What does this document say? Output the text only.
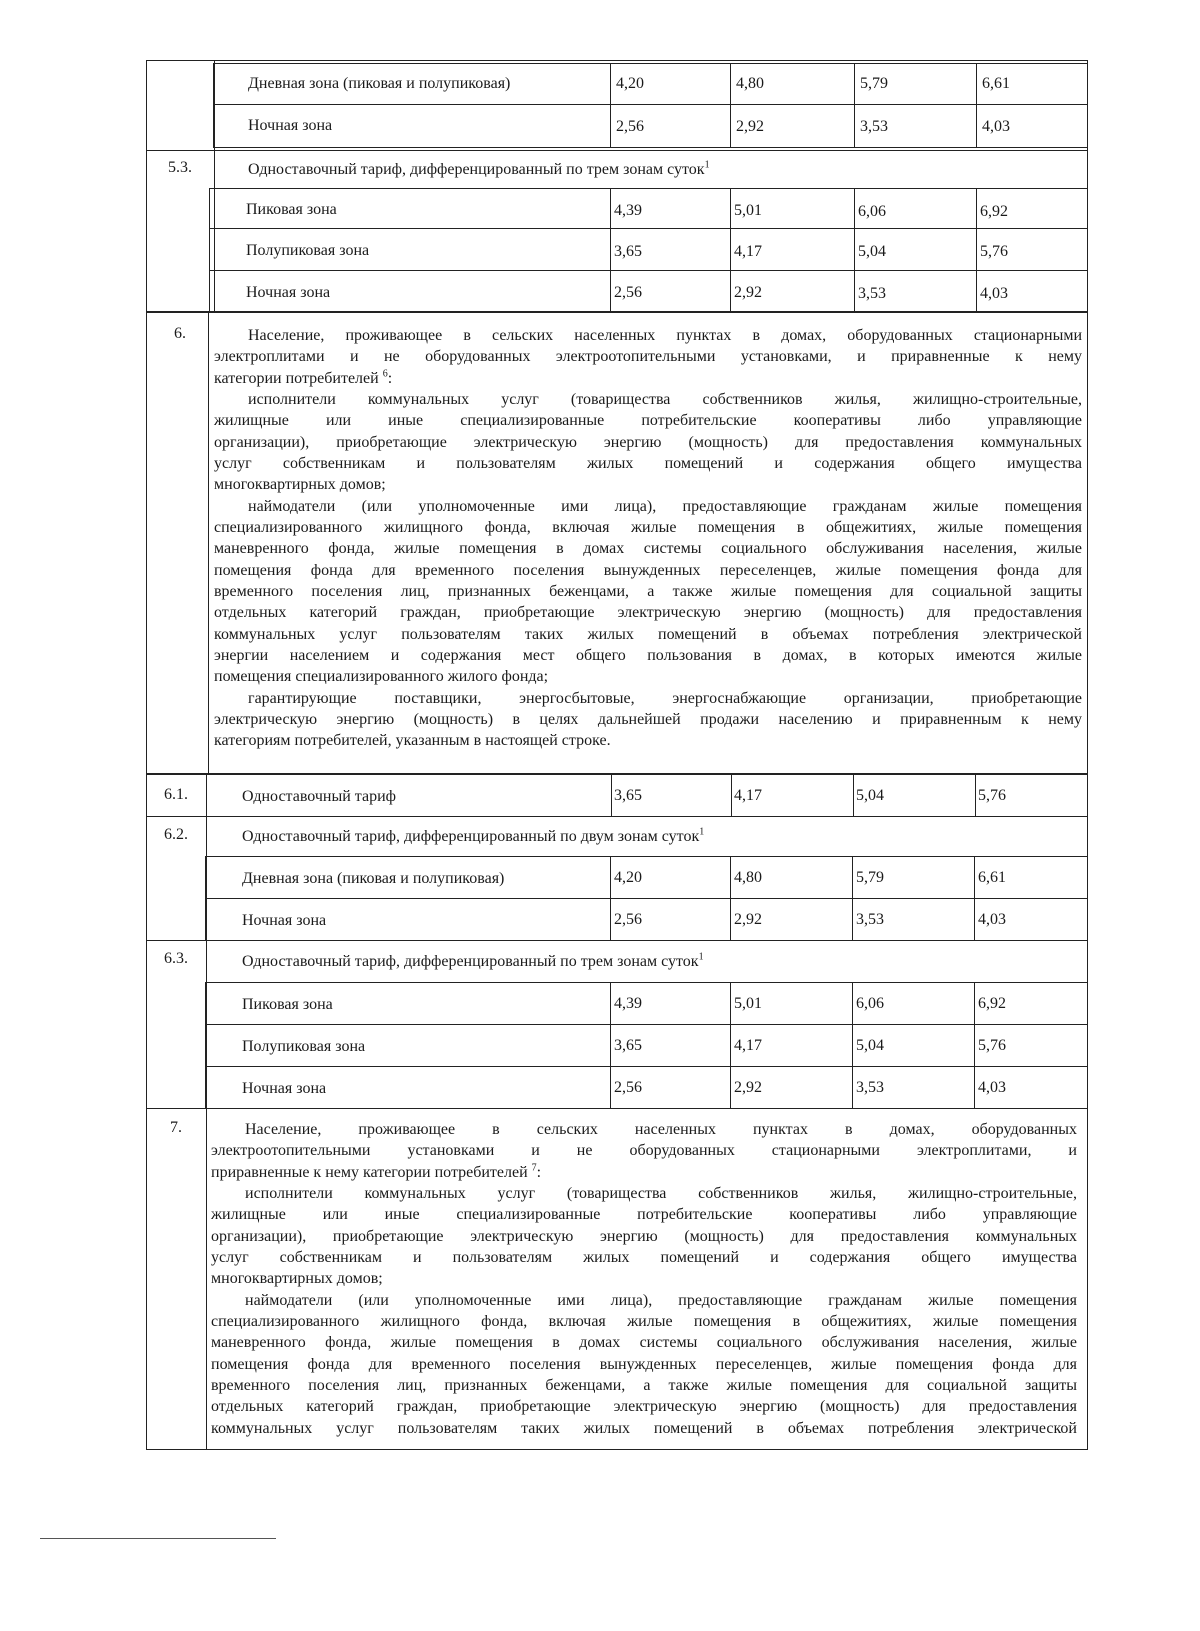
Дневная зона (пиковая и полупиковая)	4,20	4,80	5,79	6,61
Ночная зона	2,56	2,92	3,53	4,03
5.3.	Одноставочный тариф, дифференцированный по трем зонам суток$^1$
Пиковая зона	4,39	5,01	6,06	6,92
Полупиковая зона	3,65	4,17	5,04	5,76
Ночная зона	2,56	2,92	3,53	4,03
6.	Население, проживающее в сельских населенных пунктах в домах, оборудованных стационарными

электроплитами и не оборудованных электроотопительными установками, и приравненные к нему

категории потребителей $^6$:

исполнители коммунальных услуг (товарищества собственников жилья, жилищно-строительные,

жилищные или иные специализированные потребительские кооперативы либо управляющие

организации), приобретающие электрическую энергию (мощность) для предоставления коммунальных

услуг собственникам и пользователям жилых помещений и содержания общего имущества

многоквартирных домов;

наймодатели (или уполномоченные ими лица), предоставляющие гражданам жилые помещения

специализированного жилищного фонда, включая жилые помещения в общежитиях, жилые помещения

маневренного фонда, жилые помещения в домах системы социального обслуживания населения, жилые

помещения фонда для временного поселения вынужденных переселенцев, жилые помещения фонда для

временного поселения лиц, признанных беженцами, а также жилые помещения для социальной защиты

отдельных категорий граждан, приобретающие электрическую энергию (мощность) для предоставления

коммунальных услуг пользователям таких жилых помещений в объемах потребления электрической

энергии населением и содержания мест общего пользования в домах, в которых имеются жилые

помещения специализированного жилого фонда;

гарантирующие поставщики, энергосбытовые, энергоснабжающие организации, приобретающие

электрическую энергию (мощность) в целях дальнейшей продажи населению и приравненным к нему

категориям потребителей, указанным в настоящей строке.

6.1.	Одноставочный тариф	3,65	4,17	5,04	5,76
6.2.	Одноставочный тариф, дифференцированный по двум зонам суток$^1$
Дневная зона (пиковая и полупиковая)	4,20	4,80	5,79	6,61
Ночная зона	2,56	2,92	3,53	4,03
6.3.	Одноставочный тариф, дифференцированный по трем зонам суток$^1$
Пиковая зона	4,39	5,01	6,06	6,92
Полупиковая зона	3,65	4,17	5,04	5,76
Ночная зона	2,56	2,92	3,53	4,03
7.	Население, проживающее в сельских населенных пунктах в домах, оборудованных

электроотопительными установками и не оборудованных стационарными электроплитами, и

приравненные к нему категории потребителей $^7$:

исполнители коммунальных услуг (товарищества собственников жилья, жилищно-строительные,

жилищные или иные специализированные потребительские кооперативы либо управляющие

организации), приобретающие электрическую энергию (мощность) для предоставления коммунальных

услуг собственникам и пользователям жилых помещений и содержания общего имущества

многоквартирных домов;

наймодатели (или уполномоченные ими лица), предоставляющие гражданам жилые помещения

специализированного жилищного фонда, включая жилые помещения в общежитиях, жилые помещения

маневренного фонда, жилые помещения в домах системы социального обслуживания населения, жилые

помещения фонда для временного поселения вынужденных переселенцев, жилые помещения фонда для

временного поселения лиц, признанных беженцами, а также жилые помещения для социальной защиты

отдельных категорий граждан, приобретающие электрическую энергию (мощность) для предоставления

коммунальных услуг пользователям таких жилых помещений в объемах потребления электрической
